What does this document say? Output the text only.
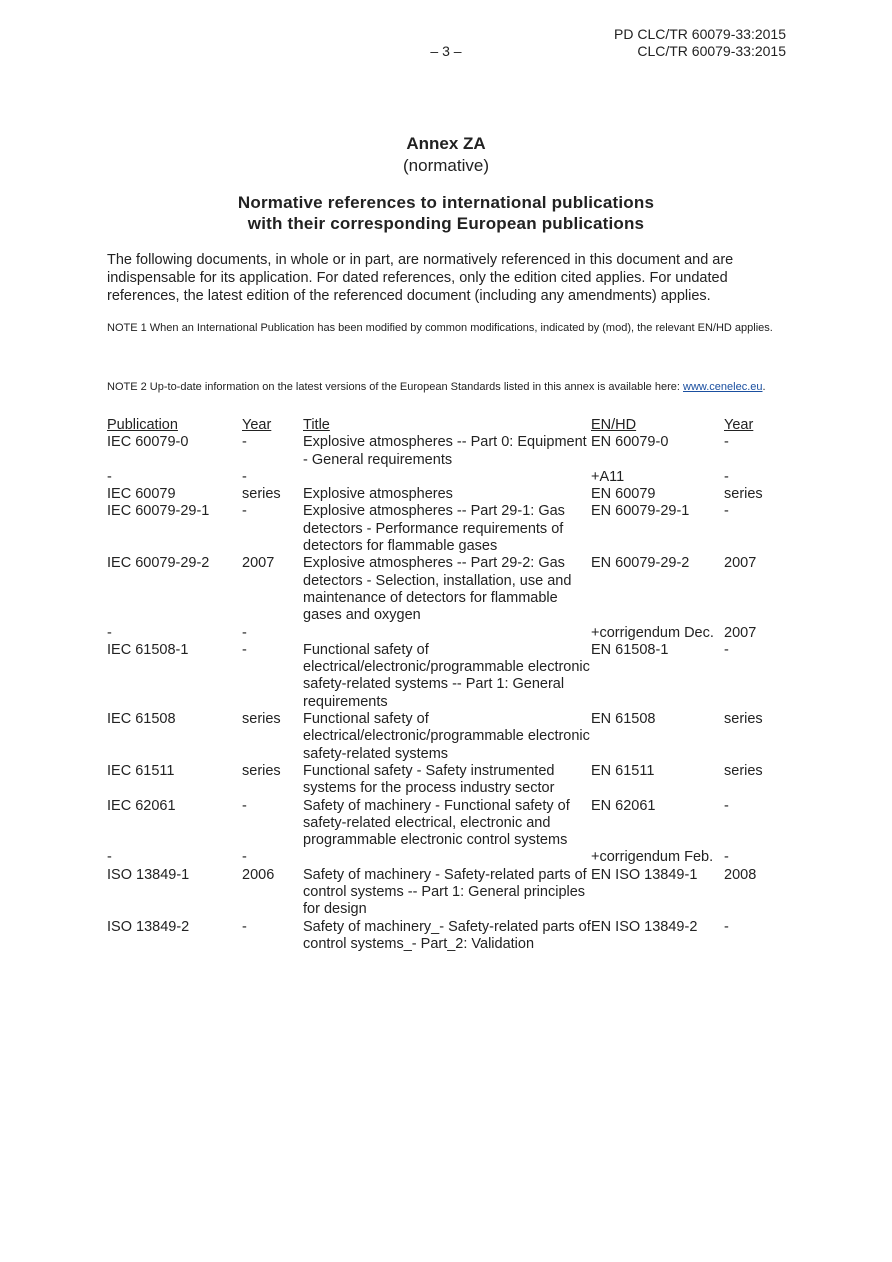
PD CLC/TR 60079-33:2015
CLC/TR 60079-33:2015
– 3 –
Annex ZA
(normative)
Normative references to international publications
with their corresponding European publications

The following documents, in whole or in part, are normatively referenced in this document and are indispensable for its application. For dated references, only the edition cited applies. For undated references, the latest edition of the referenced document (including any amendments) applies.

NOTE 1 When an International Publication has been modified by common modifications, indicated by (mod), the relevant EN/HD applies.

NOTE 2 Up-to-date information on the latest versions of the European Standards listed in this annex is available here: www.cenelec.eu.

Publication	Year	Title	EN/HD	Year
IEC 60079-0	-	Explosive atmospheres -- Part 0: Equipment - General requirements	EN 60079-0	-
-	-		+A11	-
IEC 60079	series	Explosive atmospheres	EN 60079	series
IEC 60079-29-1	-	Explosive atmospheres -- Part 29-1: Gas detectors - Performance requirements of detectors for flammable gases	EN 60079-29-1	-
IEC 60079-29-2	2007	Explosive atmospheres -- Part 29-2: Gas detectors - Selection, installation, use and maintenance of detectors for flammable gases and oxygen	EN 60079-29-2	2007
-	-		+corrigendum Dec.	2007
IEC 61508-1	-	Functional safety of electrical/electronic/programmable electronic safety-related systems -- Part 1: General requirements	EN 61508-1	-
IEC 61508	series	Functional safety of electrical/electronic/programmable electronic safety-related systems	EN 61508	series
IEC 61511	series	Functional safety - Safety instrumented systems for the process industry sector	EN 61511	series
IEC 62061	-	Safety of machinery - Functional safety of safety-related electrical, electronic and programmable electronic control systems	EN 62061	-
-	-		+corrigendum Feb.	-
ISO 13849-1	2006	Safety of machinery - Safety-related parts of control systems -- Part 1: General principles for design	EN ISO 13849-1	2008
ISO 13849-2	-	Safety of machinery_- Safety-related parts of control systems_- Part_2: Validation	EN ISO 13849-2	-
